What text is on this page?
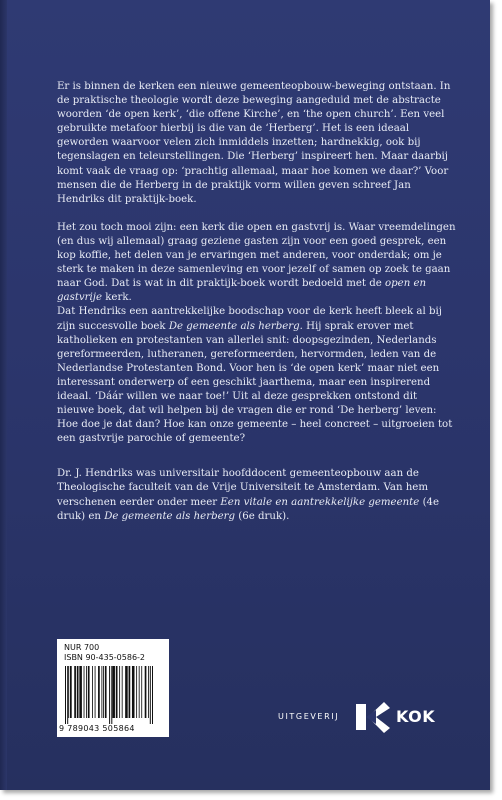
Er is binnen de kerken een nieuwe gemeenteopbouw-beweging ontstaan. In de praktische theologie wordt deze beweging aangeduid met de abstracte woorden ‘de open kerk’, ‘die offene Kirche’, en ‘the open church’. Een veel gebruikte metafoor hierbij is die van de ‘Herberg’. Het is een ideaal geworden waarvoor velen zich inmiddels inzetten; hardnekkig, ook bij tegenslagen en teleurstellingen. Die ‘Herberg’ inspireert hen. Maar daarbij komt vaak de vraag op: ‘prachtig allemaal, maar hoe komen we daar?’ Voor mensen die de Herberg in de praktijk vorm willen geven schreef Jan Hendriks dit praktijk-boek.

Het zou toch mooi zijn: een kerk die open en gastvrij is. Waar vreemdelingen (en dus wij allemaal) graag geziene gasten zijn voor een goed gesprek, een kop koffie, het delen van je ervaringen met anderen, voor onderdak; om je sterk te maken in deze samenleving en voor jezelf of samen op zoek te gaan naar God. Dat is wat in dit praktijk-boek wordt bedoeld met de open en gastvrije kerk.

Dat Hendriks een aantrekkelijke boodschap voor de kerk heeft bleek al bij zijn succesvolle boek De gemeente als herberg. Hij sprak erover met katholieken en protestanten van allerlei snit: doopsgezinden, Nederlands gereformeerden, lutheranen, gereformeerden, hervormden, leden van de Nederlandse Protestanten Bond. Voor hen is ‘de open kerk’ maar niet een interessant onderwerp of een geschikt jaarthema, maar een inspirerend ideaal. ‘Dáár willen we naar toe!’ Uit al deze gesprekken ontstond dit nieuwe boek, dat wil helpen bij de vragen die er rond ‘De herberg’ leven: Hoe doe je dat dan? Hoe kan onze gemeente – heel concreet – uitgroeien tot een gastvrije parochie of gemeente?

Dr. J. Hendriks was universitair hoofddocent gemeenteopbouw aan de Theologische faculteit van de Vrije Universiteit te Amsterdam. Van hem verschenen eerder onder meer Een vitale en aantrekkelijke gemeente (4e druk) en De gemeente als herberg (6e druk).

NUR 700
ISBN 90-435-0586-2
9 789043 505864
UITGEVERIJ	KOK
